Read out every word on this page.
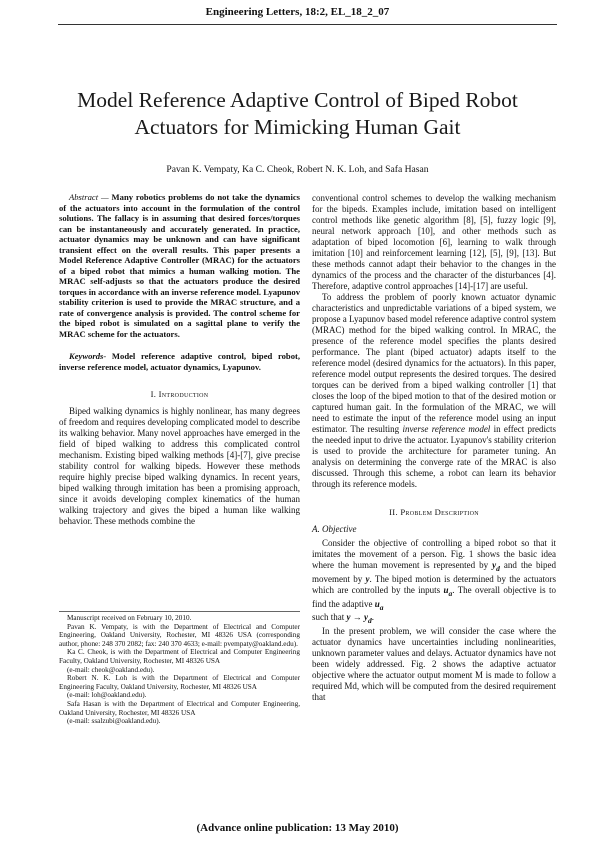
Engineering Letters, 18:2, EL_18_2_07
Model Reference Adaptive Control of Biped Robot Actuators for Mimicking Human Gait
Pavan K. Vempaty, Ka C. Cheok, Robert N. K. Loh, and Safa Hasan

Abstract — Many robotics problems do not take the dynamics of the actuators into account in the formulation of the control solutions. The fallacy is in assuming that desired forces/torques can be instantaneously and accurately generated. In practice, actuator dynamics may be unknown and can have significant transient effect on the overall results. This paper presents a Model Reference Adaptive Controller (MRAC) for the actuators of a biped robot that mimics a human walking motion. The MRAC self-adjusts so that the actuators produce the desired torques in accordance with an inverse reference model. Lyapunov stability criterion is used to provide the MRAC structure, and a rate of convergence analysis is provided. The control scheme for the biped robot is simulated on a sagittal plane to verify the MRAC scheme for the actuators.

Keywords- Model reference adaptive control, biped robot, inverse reference model, actuator dynamics, Lyapunov.

I. Introduction

Biped walking dynamics is highly nonlinear, has many degrees of freedom and requires developing complicated model to describe its walking behavior. Many novel approaches have emerged in the field of biped walking to address this complicated control mechanism. Existing biped walking methods [4]-[7], give precise stability control for walking bipeds. However these methods require highly precise biped walking dynamics. In recent years, biped walking through imitation has been a promising approach, since it avoids developing complex kinematics of the human walking trajectory and gives the biped a human like walking behavior. These methods combine the

Manuscript received on February 10, 2010.

Pavan K. Vempaty, is with the Department of Electrical and Computer Engineering, Oakland University, Rochester, MI 48326 USA (corresponding author, phone: 248 370 2082; fax: 240 370 4633; e-mail: pvempaty@oakland.edu).

Ka C. Cheok, is with the Department of Electrical and Computer Engineering Faculty, Oakland University, Rochester, MI 48326 USA

(e-mail: cheok@oakland.edu).

Robert N. K. Loh is with the Department of Electrical and Computer Engineering Faculty, Oakland University, Rochester, MI 48326 USA

(e-mail: loh@oakland.edu).

Safa Hasan is with the Department of Electrical and Computer Engineering, Oakland University, Rochester, MI 48326 USA

(e-mail: ssalzubi@oakland.edu).

conventional control schemes to develop the walking mechanism for the bipeds. Examples include, imitation based on intelligent control methods like genetic algorithm [8], [5], fuzzy logic [9], neural network approach [10], and other methods such as adaptation of biped locomotion [6], learning to walk through imitation [10] and reinforcement learning [12], [5], [9], [13]. But these methods cannot adapt their behavior to the changes in the dynamics of the process and the character of the disturbances [4]. Therefore, adaptive control approaches [14]-[17] are useful.

To address the problem of poorly known actuator dynamic characteristics and unpredictable variations of a biped system, we propose a Lyapunov based model reference adaptive control system (MRAC) method for the biped walking control. In MRAC, the presence of the reference model specifies the plants desired performance. The plant (biped actuator) adapts itself to the reference model (desired dynamics for the actuators). In this paper, reference model output represents the desired torques. The desired torques can be derived from a biped walking controller [1] that closes the loop of the biped motion to that of the desired motion or captured human gait. In the formulation of the MRAC, we will need to estimate the input of the reference model using an input estimator. The resulting inverse reference model in effect predicts the needed input to drive the actuator. Lyapunov's stability criterion is used to provide the architecture for parameter tuning. An analysis on determining the converge rate of the MRAC is also discussed. Through this scheme, a robot can learn its behavior through its reference models.

II. Problem Description

A. Objective

Consider the objective of controlling a biped robot so that it imitates the movement of a person. Fig. 1 shows the basic idea where the human movement is represented by $y_d$ and the biped movement by y. The biped motion is determined by the actuators which are controlled by the inputs $u_a$. The overall objective is to find the adaptive $u_a$
such that $y \to y_d$.

In the present problem, we will consider the case where the actuator dynamics have uncertainties including nonlinearities, unknown parameter values and delays. Actuator dynamics have not been widely addressed. Fig. 2 shows the adaptive actuator objective where the actuator output moment M is made to follow a required Md, which will be computed from the desired requirement that

(Advance online publication: 13 May 2010)
